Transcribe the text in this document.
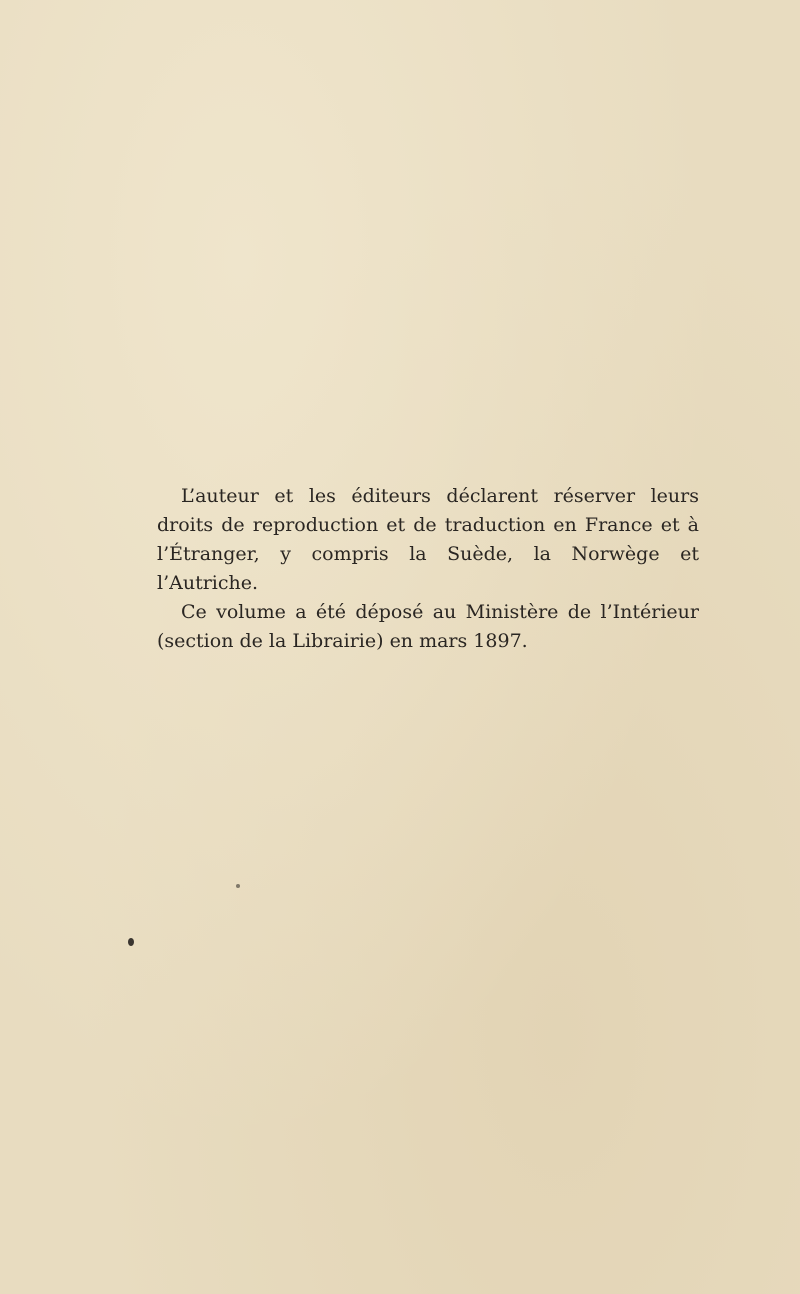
L’auteur et les éditeurs déclarent réserver leurs droits de reproduction et de traduction en France et à l’Étranger, y compris la Suède, la Norwège et l’Autriche.

Ce volume a été déposé au Ministère de l’Intérieur (section de la Librairie) en mars 1897.
